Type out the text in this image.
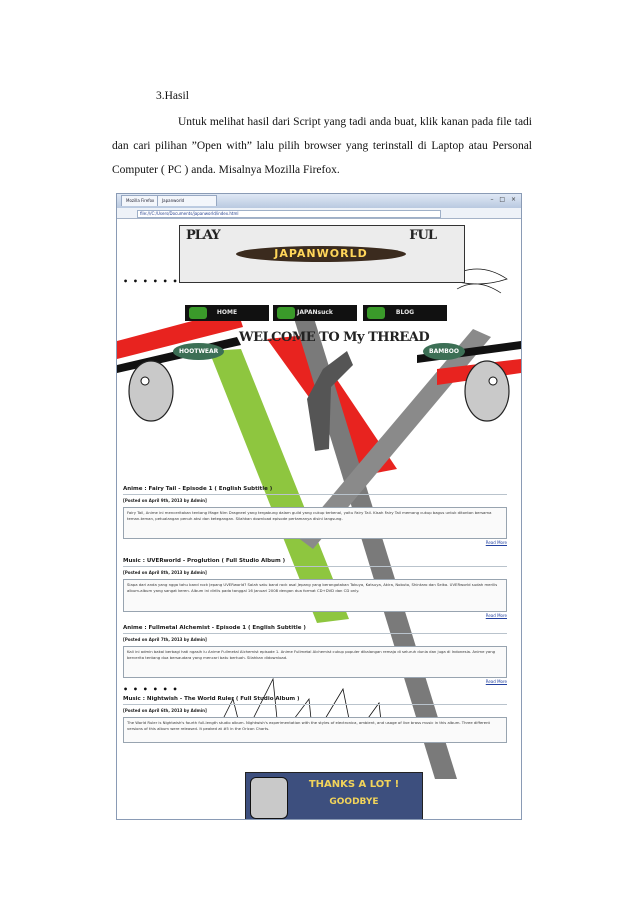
3.Hasil
Untuk melihat hasil dari Script yang tadi anda buat, klik kanan pada file tadi dan cari pilihan ”Open with” lalu pilih browser yang terinstall di Laptop atau Personal Computer ( PC ) anda. Misalnya Mozilla Firefox.
Mozilla Firefox	Japanworld	– □ ×
file:///C:/Users/Documents/japanworld/index.html
PLAY
JAPANWORLD
FUL
• • • • • •
HOME	JAPANsuck	BLOG
WELCOME TO My THREAD
HOOTWEAR	BAMBOO
Anime : Fairy Tail - Episode 1 ( English Subtitle )
[Posted on April 9th, 2013 by Admin]
Fairy Tail, Anime ini menceritakan tentang Mage Nirn Dragneel yang tergabung dalam guild yang cukup terkenal, yaitu Fairy Tail. Kisah Fairy Tail memang cukup bagus untuk ditonton bersama teman-teman, petualangan penuh aksi dan ketegangan. Silahkan download episode pertamanya disini langsung.
Read More
Music : UVERworld - Proglution ( Full Studio Album )
[Posted on April 8th, 2013 by Admin]
Siapa dari anda yang ngga tahu band rock Jepang UVERworld? Salah satu band rock asal Jepang yang berangotakan Takuya, Katsuya, Akira, Nobuto, Shintaro dan Seika. UVERworld sudah merilis album-album yang sangat keren. Album ini dirilis pada tanggal 16 Januari 2008 dengan dua format CD+DVD dan CD only.
Read More
Anime : Fullmetal Alchemist - Episode 1 ( English Subtitle )
[Posted on April 7th, 2013 by Admin]
Kali ini admin bakal berbagi hati ngasih lu Anime Fullmetal Alchemist episode 1. Anime Fullmetal Alchemist cukup populer dikalangan remaja di seluruh dunia dan juga di Indonesia. Anime yang bercerita tentang dua bersaudara yang mencari batu bertuah. Silahkan didownload.
Read More
Music : Nightwish - The World Ruler ( Full Studio Album )
[Posted on April 6th, 2013 by Admin]
The World Ruler is Nightwish's fourth full-length studio album. Nightwish's experimentation with the styles of electronica, ambient, and usage of live brass music in this album. Three different versions of this album were released. It peaked at #5 in the Oricon Charts.
• • • • • •
THANKS A LOT !
GOODBYE
